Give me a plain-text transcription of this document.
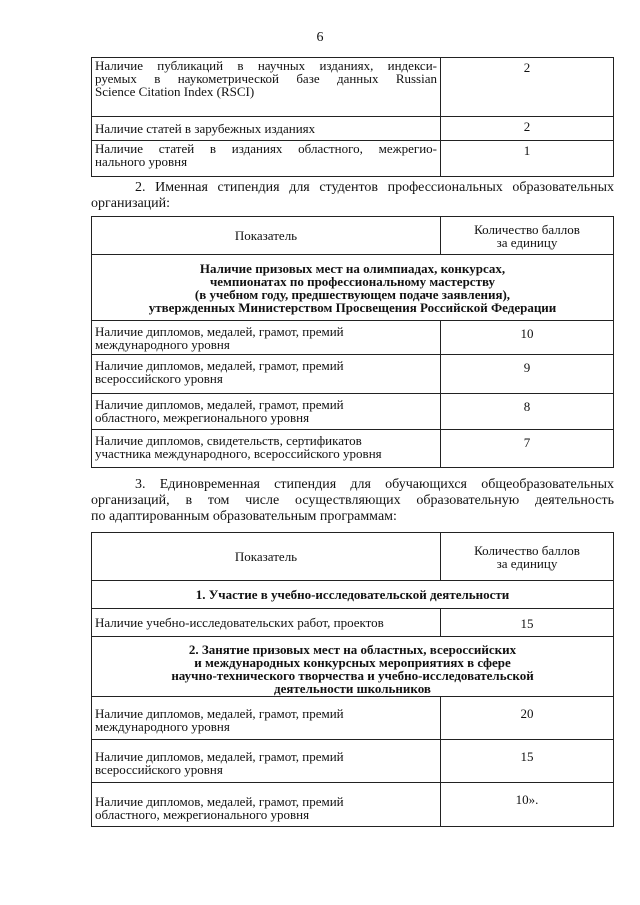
6
Наличие публикаций в научных изданиях, индекси-
руемых в наукометрической базе данных Russian
Science Citation Index (RSCI)	2

Наличие статей в зарубежных изданиях	2

Наличие статей в изданиях областного, межрегио-
нального уровня	1
2. Именная стипендия для студентов профессиональных образовательных
организаций:
Показатель	Количество баллов
за единицу

Наличие призовых мест на олимпиадах, конкурсах,
чемпионатах по профессиональному мастерству
(в учебном году, предшествующем подаче заявления),
утвержденных Министерством Просвещения Российской Федерации	

Наличие дипломов, медалей, грамот, премий
международного уровня	10

Наличие дипломов, медалей, грамот, премий
всероссийского уровня	9

Наличие дипломов, медалей, грамот, премий
областного, межрегионального уровня	8

Наличие дипломов, свидетельств, сертификатов
участника международного, всероссийского уровня	7
3. Единовременная стипендия для обучающихся общеобразовательных
организаций, в том числе осуществляющих образовательную деятельность
по адаптированным образовательным программам:
Показатель	Количество баллов
за единицу

1. Участие в учебно-исследовательской деятельности	
Наличие учебно-исследовательских работ, проектов	15

2. Занятие призовых мест на областных, всероссийских
и международных конкурсных мероприятиях в сфере
научно-технического творчества и учебно-исследовательской
деятельности школьников	

Наличие дипломов, медалей, грамот, премий
международного уровня	20

Наличие дипломов, медалей, грамот, премий
всероссийского уровня	15

Наличие дипломов, медалей, грамот, премий
областного, межрегионального уровня	10».
